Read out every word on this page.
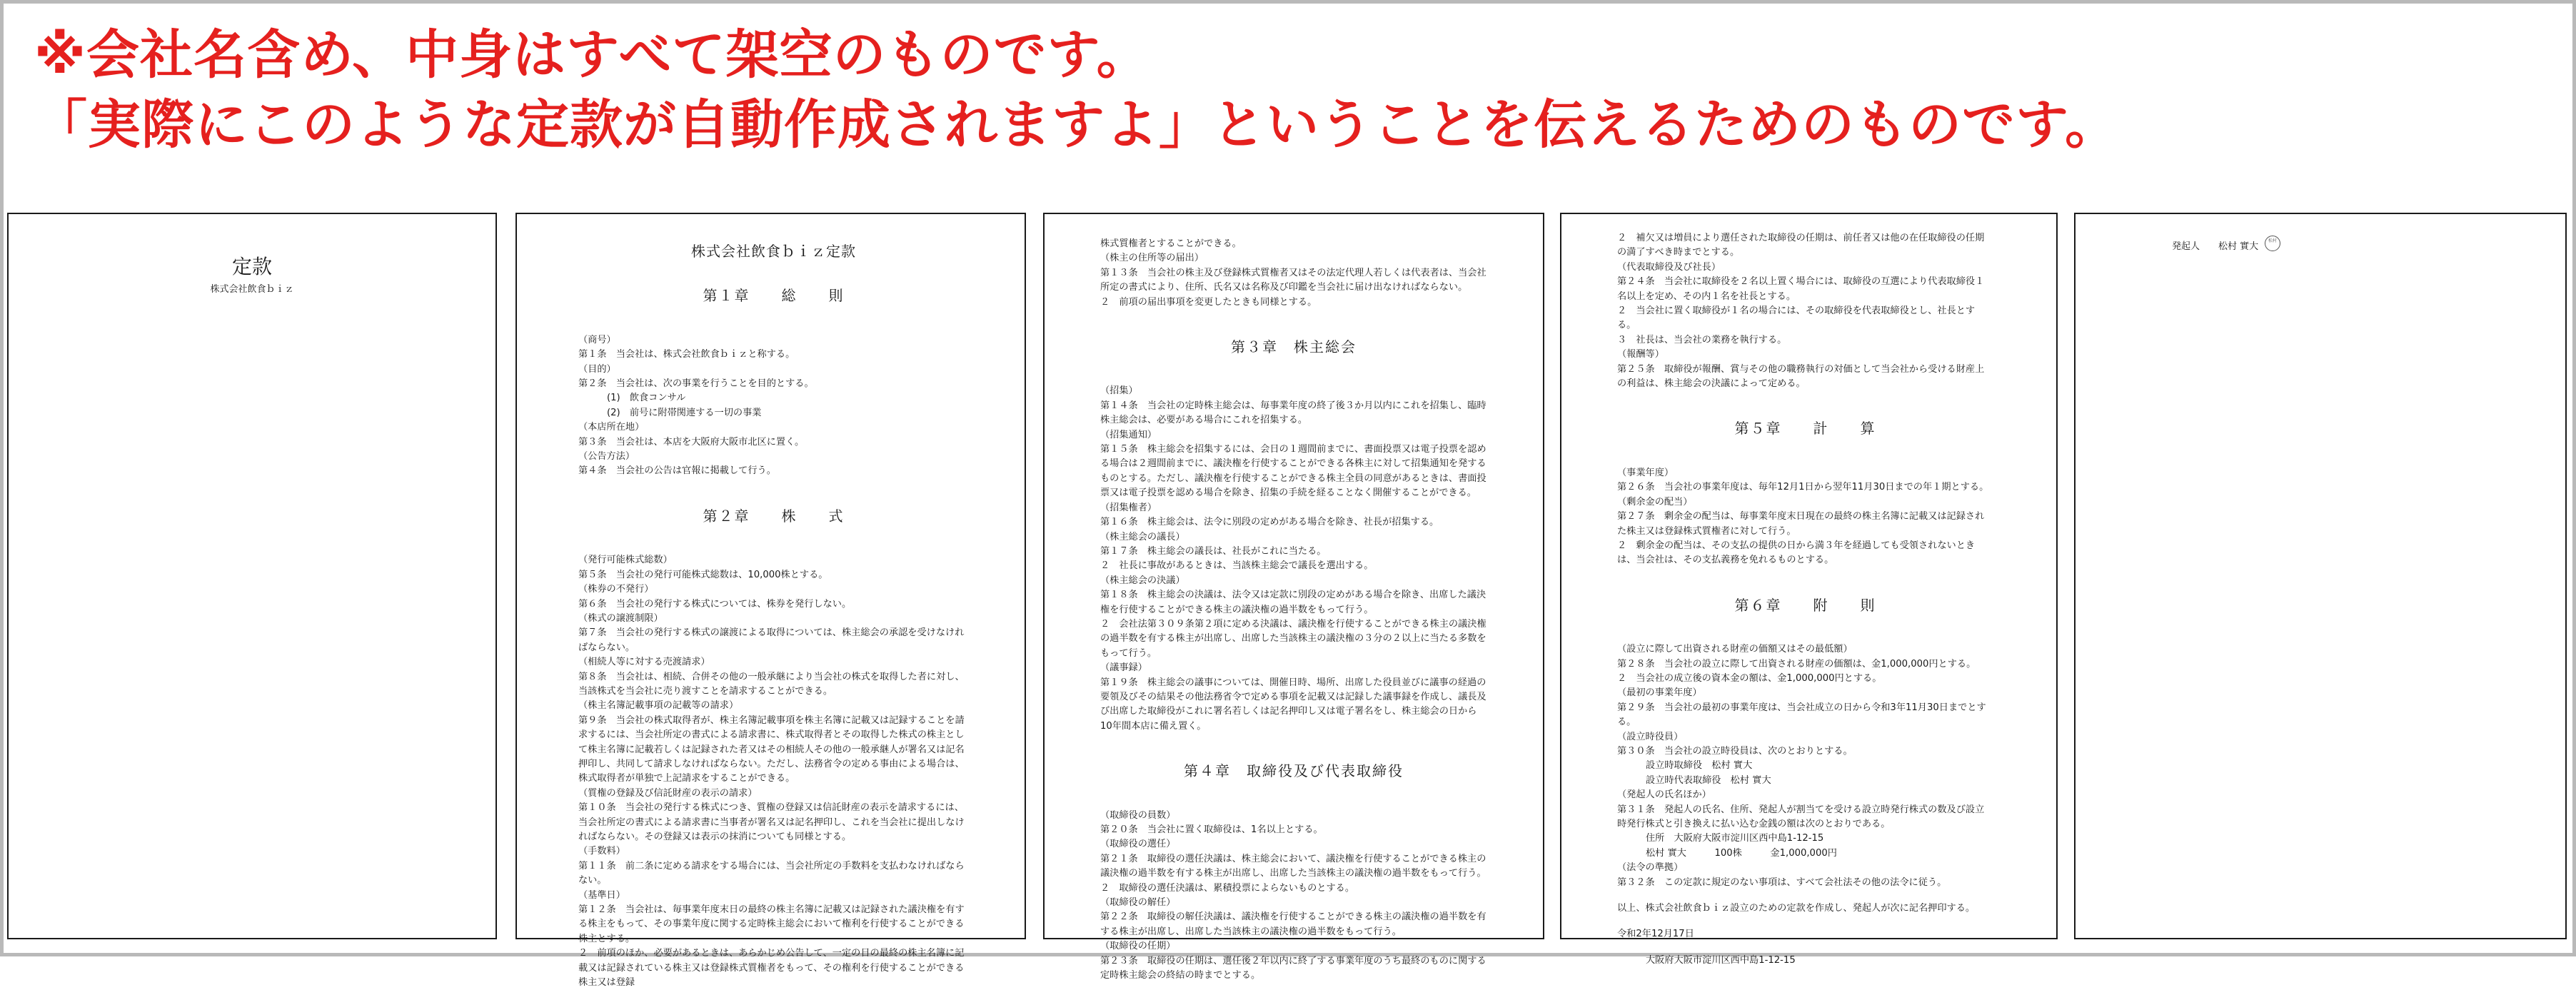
※会社名含め、中身はすべて架空のものです。
「実際にこのような定款が自動作成されますよ」ということを伝えるためのものです。
定款
株式会社飲食ｂｉｚ
株式会社飲食ｂｉｚ定款

第１章　　総　　則

（商号）

第１条　当会社は、株式会社飲食ｂｉｚと称する。

（目的）

第２条　当会社は、次の事業を行うことを目的とする。

(1)　飲食コンサル

(2)　前号に附帯関連する一切の事業

（本店所在地）

第３条　当会社は、本店を大阪府大阪市北区に置く。

（公告方法）

第４条　当会社の公告は官報に掲載して行う。

第２章　　株　　式

（発行可能株式総数）

第５条　当会社の発行可能株式総数は、10,000株とする。

（株券の不発行）

第６条　当会社の発行する株式については、株券を発行しない。

（株式の譲渡制限）

第７条　当会社の発行する株式の譲渡による取得については、株主総会の承認を受けなければならない。

（相続人等に対する売渡請求）

第８条　当会社は、相続、合併その他の一般承継により当会社の株式を取得した者に対し、当該株式を当会社に売り渡すことを請求することができる。

（株主名簿記載事項の記載等の請求）

第９条　当会社の株式取得者が、株主名簿記載事項を株主名簿に記載又は記録することを請求するには、当会社所定の書式による請求書に、株式取得者とその取得した株式の株主として株主名簿に記載若しくは記録された者又はその相続人その他の一般承継人が署名又は記名押印し、共同して請求しなければならない。ただし、法務省令の定める事由による場合は、株式取得者が単独で上記請求をすることができる。

（質権の登録及び信託財産の表示の請求）

第１０条　当会社の発行する株式につき、質権の登録又は信託財産の表示を請求するには、当会社所定の書式による請求書に当事者が署名又は記名押印し、これを当会社に提出しなければならない。その登録又は表示の抹消についても同様とする。

（手数料）

第１１条　前二条に定める請求をする場合には、当会社所定の手数料を支払わなければならない。

（基準日）

第１２条　当会社は、毎事業年度末日の最終の株主名簿に記載又は記録された議決権を有する株主をもって、その事業年度に関する定時株主総会において権利を行使することができる株主とする。

２　前項のほか、必要があるときは、あらかじめ公告して、一定の日の最終の株主名簿に記載又は記録されている株主又は登録株式質権者をもって、その権利を行使することができる株主又は登録

株式質権者とすることができる。

（株主の住所等の届出）

第１３条　当会社の株主及び登録株式質権者又はその法定代理人若しくは代表者は、当会社所定の書式により、住所、氏名又は名称及び印鑑を当会社に届け出なければならない。

２　前項の届出事項を変更したときも同様とする。

第３章　株主総会

（招集）

第１４条　当会社の定時株主総会は、毎事業年度の終了後３か月以内にこれを招集し、臨時株主総会は、必要がある場合にこれを招集する。

（招集通知）

第１５条　株主総会を招集するには、会日の１週間前までに、書面投票又は電子投票を認める場合は２週間前までに、議決権を行使することができる各株主に対して招集通知を発するものとする。ただし、議決権を行使することができる株主全員の同意があるときは、書面投票又は電子投票を認める場合を除き、招集の手続を経ることなく開催することができる。

（招集権者）

第１６条　株主総会は、法令に別段の定めがある場合を除き、社長が招集する。

（株主総会の議長）

第１７条　株主総会の議長は、社長がこれに当たる。

２　社長に事故があるときは、当該株主総会で議長を選出する。

（株主総会の決議）

第１８条　株主総会の決議は、法令又は定款に別段の定めがある場合を除き、出席した議決権を行使することができる株主の議決権の過半数をもって行う。

２　会社法第３０９条第２項に定める決議は、議決権を行使することができる株主の議決権の過半数を有する株主が出席し、出席した当該株主の議決権の３分の２以上に当たる多数をもって行う。

（議事録）

第１９条　株主総会の議事については、開催日時、場所、出席した役員並びに議事の経過の要領及びその結果その他法務省令で定める事項を記載又は記録した議事録を作成し、議長及び出席した取締役がこれに署名若しくは記名押印し又は電子署名をし、株主総会の日から10年間本店に備え置く。

第４章　取締役及び代表取締役

（取締役の員数）

第２０条　当会社に置く取締役は、1名以上とする。

（取締役の選任）

第２１条　取締役の選任決議は、株主総会において、議決権を行使することができる株主の議決権の過半数を有する株主が出席し、出席した当該株主の議決権の過半数をもって行う。

２　取締役の選任決議は、累積投票によらないものとする。

（取締役の解任）

第２２条　取締役の解任決議は、議決権を行使することができる株主の議決権の過半数を有する株主が出席し、出席した当該株主の議決権の過半数をもって行う。

（取締役の任期）

第２３条　取締役の任期は、選任後２年以内に終了する事業年度のうち最終のものに関する定時株主総会の終結の時までとする。

２　補欠又は増員により選任された取締役の任期は、前任者又は他の在任取締役の任期の満了すべき時までとする。

（代表取締役及び社長）

第２４条　当会社に取締役を２名以上置く場合には、取締役の互選により代表取締役１名以上を定め、その内１名を社長とする。

２　当会社に置く取締役が１名の場合には、その取締役を代表取締役とし、社長とする。

３　社長は、当会社の業務を執行する。

（報酬等）

第２５条　取締役が報酬、賞与その他の職務執行の対価として当会社から受ける財産上の利益は、株主総会の決議によって定める。

第５章　　計　　算

（事業年度）

第２６条　当会社の事業年度は、毎年12月1日から翌年11月30日までの年１期とする。

（剰余金の配当）

第２７条　剰余金の配当は、毎事業年度末日現在の最終の株主名簿に記載又は記録された株主又は登録株式質権者に対して行う。

２　剰余金の配当は、その支払の提供の日から満３年を経過しても受領されないときは、当会社は、その支払義務を免れるものとする。

第６章　　附　　則

（設立に際して出資される財産の価額又はその最低額）

第２８条　当会社の設立に際して出資される財産の価額は、金1,000,000円とする。

２　当会社の成立後の資本金の額は、金1,000,000円とする。

（最初の事業年度）

第２９条　当会社の最初の事業年度は、当会社成立の日から令和3年11月30日までとする。

（設立時役員）

第３０条　当会社の設立時役員は、次のとおりとする。

設立時取締役　松村 實大

設立時代表取締役　松村 實大

（発起人の氏名ほか）

第３１条　発起人の氏名、住所、発起人が割当てを受ける設立時発行株式の数及び設立時発行株式と引き換えに払い込む金銭の額は次のとおりである。

住所　大阪府大阪市淀川区西中島1-12-15

松村 實大　　　100株　　　金1,000,000円

（法令の準拠）

第３２条　この定款に規定のない事項は、すべて会社法その他の法令に従う。

以上、株式会社飲食ｂｉｚ設立のための定款を作成し、発起人が次に記名押印する。

令和2年12月17日

大阪府大阪市淀川区西中島1-12-15

発起人 松村 實大
松村
